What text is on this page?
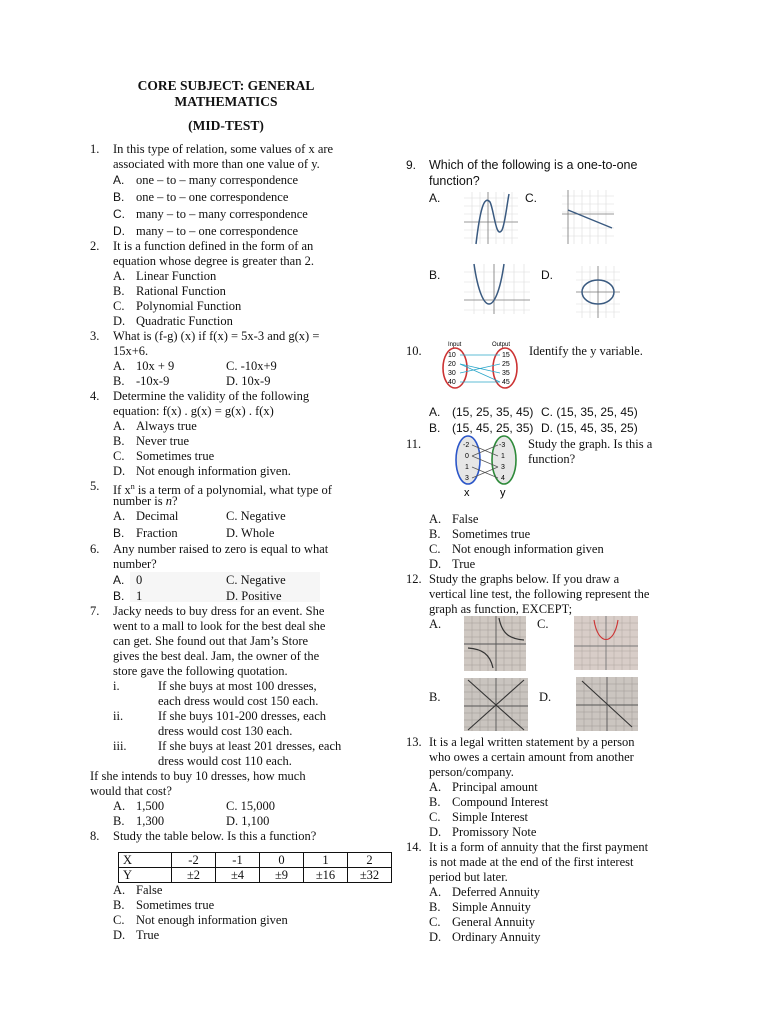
CORE SUBJECT: GENERAL
MATHEMATICS
(MID-TEST)
1. In this type of relation, some values of x are
associated with more than one value of y.
A. one – to – many correspondence
B. one – to – one correspondence
C. many – to – many correspondence
D. many – to – one correspondence
2. It is a function defined in the form of an
equation whose degree is greater than 2.
A. Linear Function
B. Rational Function
C. Polynomial Function
D. Quadratic Function
3. What is (f-g) (x) if f(x) = 5x-3 and g(x) =
15x+6.
A. 10x + 9	C. -10x+9
B. -10x-9	D. 10x-9
4. Determine the validity of the following
equation: f(x) . g(x) = g(x) . f(x)
A. Always true
B. Never true
C. Sometimes true
D. Not enough information given.
5. If $x^n$ is a term of a polynomial, what type of
number is n?
A. Decimal	C. Negative
B. Fraction	D. Whole
6. Any number raised to zero is equal to what
number?
A. 0	C. Negative
B. 1	D. Positive
7. Jacky needs to buy dress for an event. She
went to a mall to look for the best deal she
can get. She found out that Jam’s Store
gives the best deal. Jam, the owner of the
store gave the following quotation.
i.	If she buys at most 100 dresses,
each dress would cost 150 each.
ii.	If she buys 101-200 dresses, each
dress would cost 130 each.
iii.	If she buys at least 201 dresses, each
dress would cost 110 each.
If she intends to buy 10 dresses, how much
would that cost?
A. 1,500	C. 15,000
B. 1,300	D. 1,100
8. Study the table below. Is this a function?
X	-2	-1	0	1	2
Y	±2	±4	±9	±16	±32
A. False
B. Sometimes true
C. Not enough information given
D. True
9. Which of the following is a one-to-one
function?
A.	C.
B.	D.
10.	Input	Output
10
20
30
40
15
25
35
45
Identify the y variable.
A. (15, 25, 35, 45) C. (15, 35, 25, 45)
B. (15, 45, 25, 35) D. (15, 45, 35, 25)
11.	-2
0
1
3
-3
1
3
4
x	y
Study the graph. Is this a
function?
A. False
B. Sometimes true
C. Not enough information given
D. True
12. Study the graphs below. If you draw a
vertical line test, the following represent the
graph as function, EXCEPT;
A.	C.
B.	D.
13. It is a legal written statement by a person
who owes a certain amount from another
person/company.
A. Principal amount
B. Compound Interest
C. Simple Interest
D. Promissory Note
14. It is a form of annuity that the first payment
is not made at the end of the first interest
period but later.
A. Deferred Annuity
B. Simple Annuity
C. General Annuity
D. Ordinary Annuity
